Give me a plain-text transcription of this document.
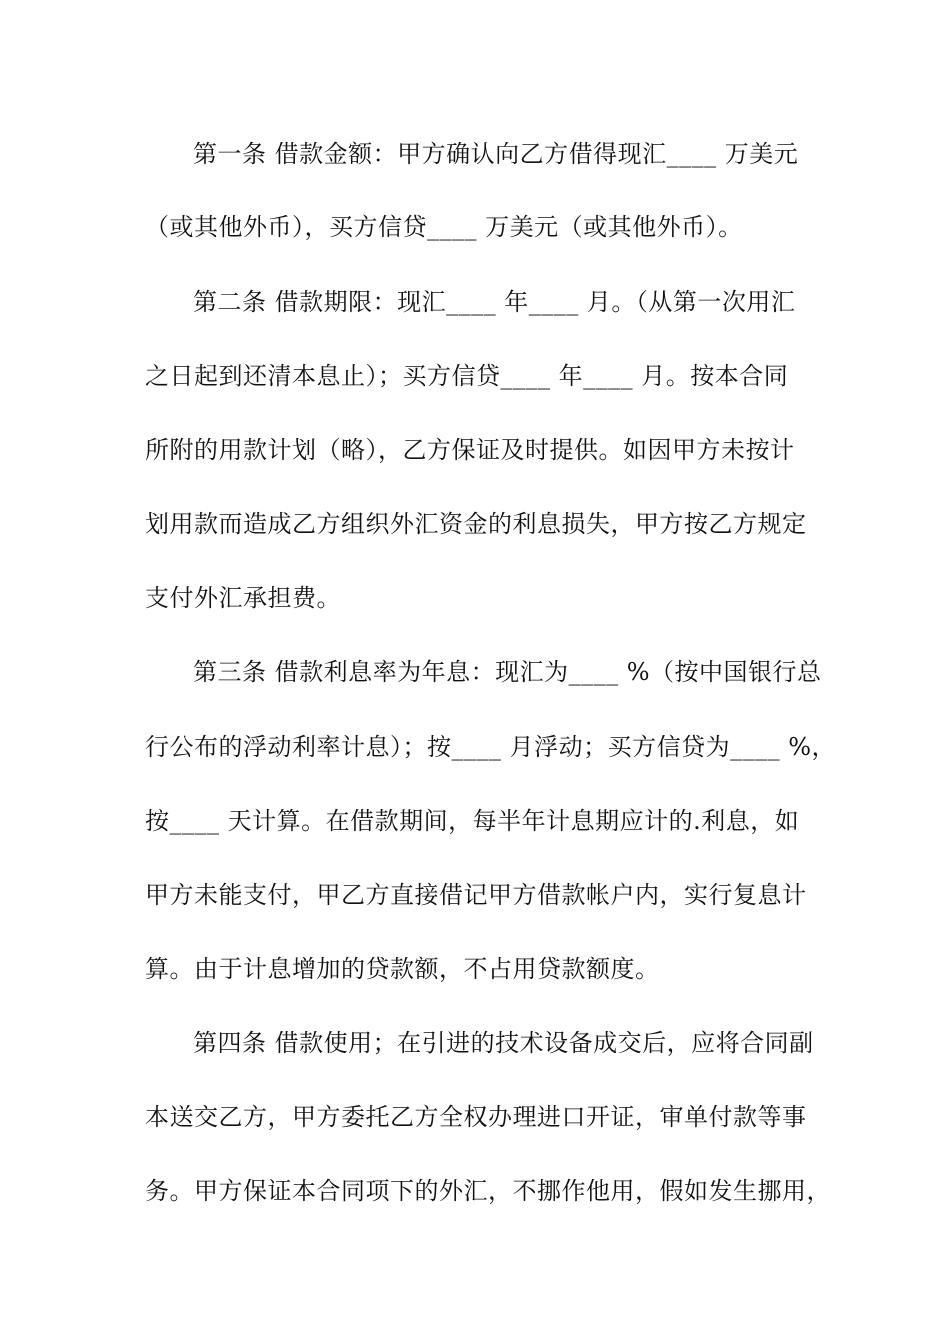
第一条 借款金额：甲方确认向乙方借得现汇____ 万美元
（或其他外币），买方信贷____ 万美元（或其他外币）。
第二条 借款期限：现汇____ 年____ 月。（从第一次用汇
之日起到还清本息止）；买方信贷____ 年____ 月。按本合同
所附的用款计划（略），乙方保证及时提供。如因甲方未按计
划用款而造成乙方组织外汇资金的利息损失，甲方按乙方规定
支付外汇承担费。
第三条 借款利息率为年息：现汇为____ %（按中国银行总
行公布的浮动利率计息）；按____ 月浮动；买方信贷为____ %，
按____ 天计算。在借款期间，每半年计息期应计的.利息，如
甲方未能支付，甲乙方直接借记甲方借款帐户内，实行复息计
算。由于计息增加的贷款额，不占用贷款额度。
第四条 借款使用；在引进的技术设备成交后，应将合同副
本送交乙方，甲方委托乙方全权办理进口开证，审单付款等事
务。甲方保证本合同项下的外汇，不挪作他用，假如发生挪用，
